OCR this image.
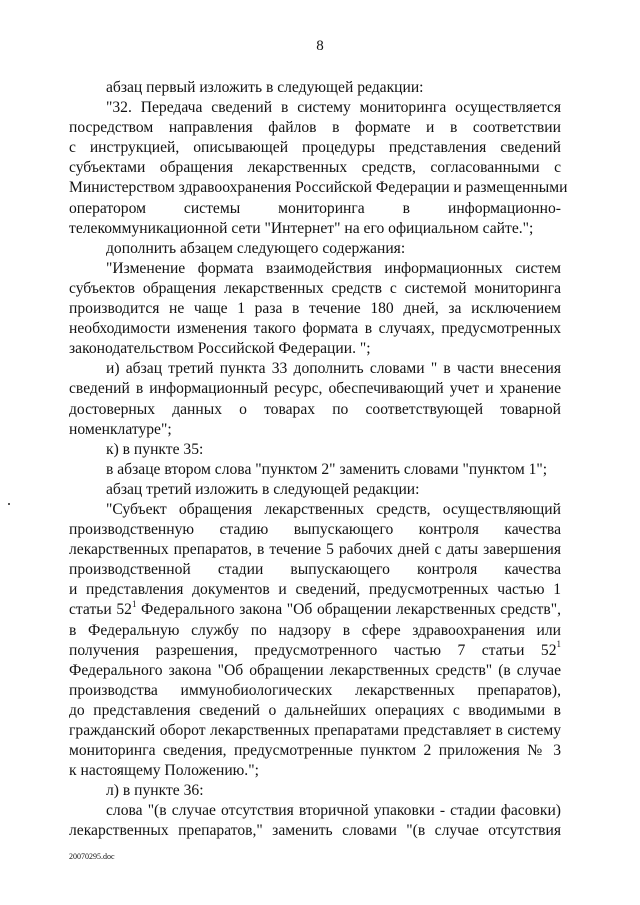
8
абзац первый изложить в следующей редакции:
"32. Передача сведений в систему мониторинга осуществляется
посредством направления файлов в формате и в соответствии
с инструкцией, описывающей процедуры представления сведений
субъектами обращения лекарственных средств, согласованными с
Министерством здравоохранения Российской Федерации и размещенными
оператором системы мониторинга в информационно-
телекоммуникационной сети "Интернет" на его официальном сайте.";
дополнить абзацем следующего содержания:
"Изменение формата взаимодействия информационных систем
субъектов обращения лекарственных средств с системой мониторинга
производится не чаще 1 раза в течение 180 дней, за исключением
необходимости изменения такого формата в случаях, предусмотренных
законодательством Российской Федерации. ";
и) абзац третий пункта 33 дополнить словами " в части внесения
сведений в информационный ресурс, обеспечивающий учет и хранение
достоверных данных о товарах по соответствующей товарной
номенклатуре";
к) в пункте 35:
в абзаце втором слова "пунктом 2" заменить словами "пунктом 1";
абзац третий изложить в следующей редакции:
"Субъект обращения лекарственных средств, осуществляющий
производственную стадию выпускающего контроля качества
лекарственных препаратов, в течение 5 рабочих дней с даты завершения
производственной стадии выпускающего контроля качества
и представления документов и сведений, предусмотренных частью 1
статьи $52^1$ Федерального закона "Об обращении лекарственных средств",
в Федеральную службу по надзору в сфере здравоохранения или
получения разрешения, предусмотренного частью 7 статьи $52^1$
Федерального закона "Об обращении лекарственных средств" (в случае
производства иммунобиологических лекарственных препаратов),
до представления сведений о дальнейших операциях с вводимыми в
гражданский оборот лекарственных препаратами представляет в систему
мониторинга сведения, предусмотренные пунктом 2 приложения № 3
к настоящему Положению.";
л) в пункте 36:
слова "(в случае отсутствия вторичной упаковки - стадии фасовки)
лекарственных препаратов," заменить словами "(в случае отсутствия
20070295.doc
